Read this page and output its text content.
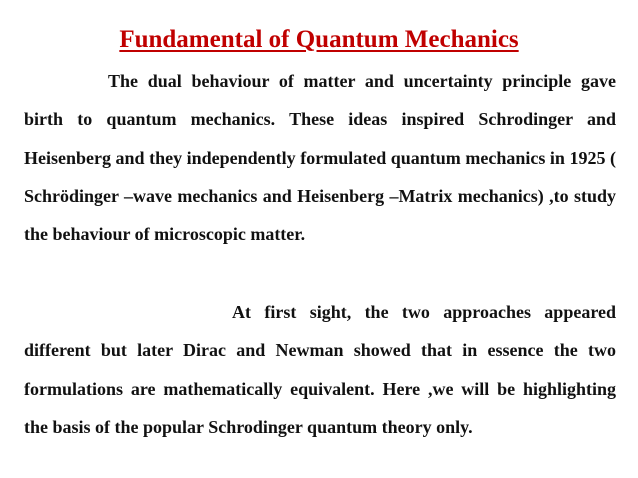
Fundamental of Quantum Mechanics

The dual behaviour of matter and uncertainty principle gave birth to quantum mechanics. These ideas inspired Schrodinger and Heisenberg and they independently formulated quantum mechanics in 1925 ( Schrödinger –wave mechanics and Heisenberg –Matrix mechanics) ,to study the behaviour of microscopic matter.

At first sight, the two approaches appeared different but later Dirac and Newman showed that in essence the two formulations are mathematically equivalent. Here ,we will be highlighting the basis of the popular Schrodinger quantum theory only.
